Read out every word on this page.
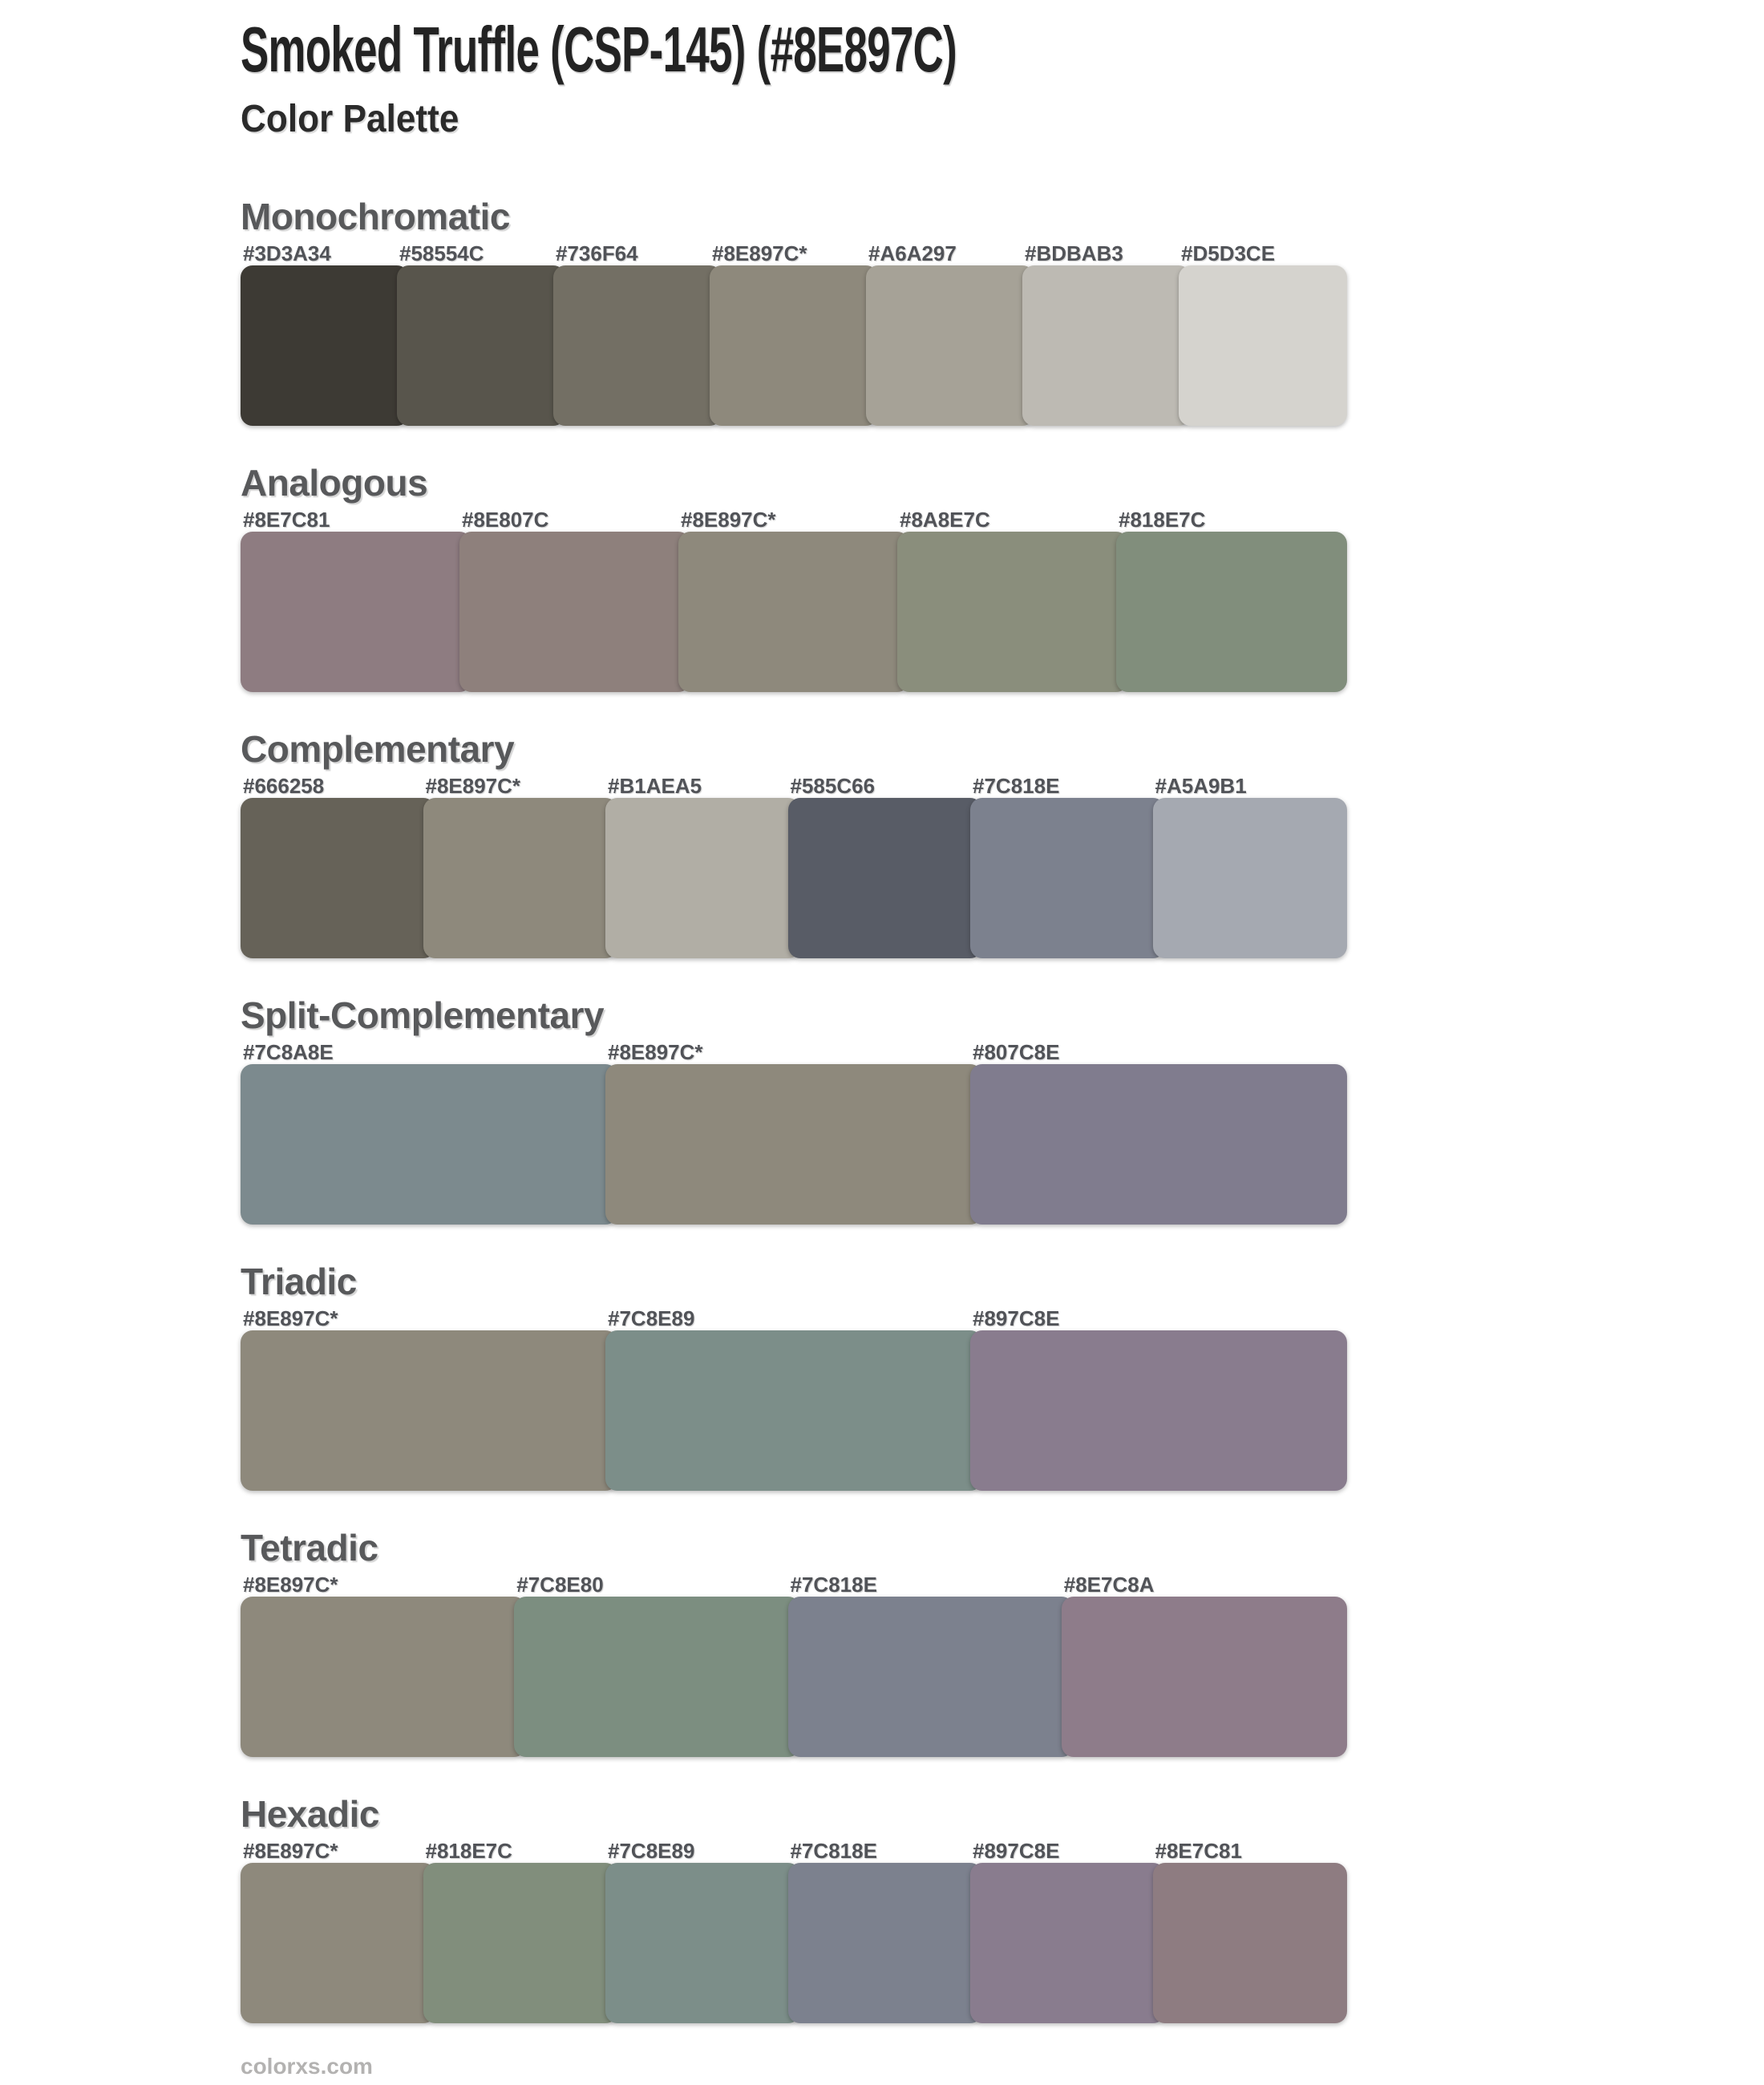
Smoked Truffle (CSP-145) (#8E897C)
Color Palette
Monochromatic
#3D3A34	#58554C	#736F64	#8E897C*	#A6A297	#BDBAB3	#D5D3CE
Analogous
#8E7C81	#8E807C	#8E897C*	#8A8E7C	#818E7C
Complementary
#666258	#8E897C*	#B1AEA5	#585C66	#7C818E	#A5A9B1
Split-Complementary
#7C8A8E	#8E897C*	#807C8E
Triadic
#8E897C*	#7C8E89	#897C8E
Tetradic
#8E897C*	#7C8E80	#7C818E	#8E7C8A
Hexadic
#8E897C*	#818E7C	#7C8E89	#7C818E	#897C8E	#8E7C81
colorxs.com
